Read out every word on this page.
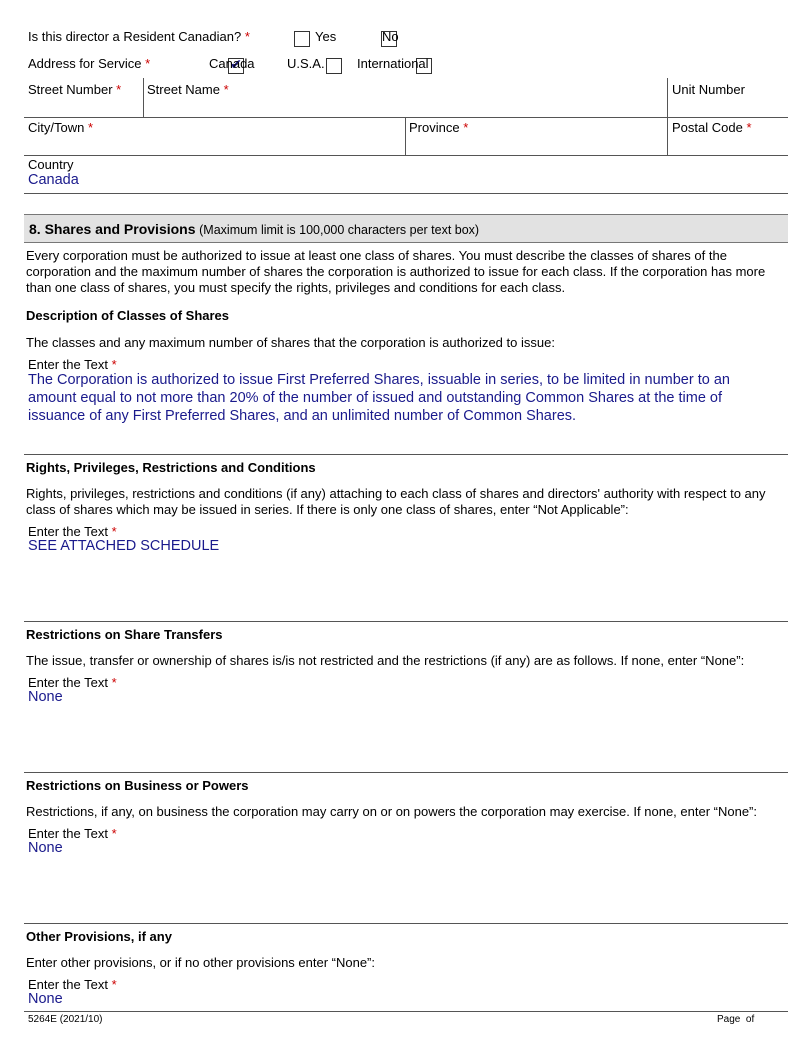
Is this director a Resident Canadian? *
	Yes
	No
Address for Service *
✔	Canada
U.S.A. International
Street Number * Street Name *	Unit Number
City/Town *	Province *	Postal Code *
Country
Canada
8. Shares and Provisions (Maximum limit is 100,000 characters per text box)
Every corporation must be authorized to issue at least one class of shares. You must describe the classes of shares of the corporation and the maximum number of shares the corporation is authorized to issue for each class. If the corporation has more than one class of shares, you must specify the rights, privileges and conditions for each class.
Description of Classes of Shares
The classes and any maximum number of shares that the corporation is authorized to issue:
Enter the Text *
The Corporation is authorized to issue First Preferred Shares, issuable in series, to be limited in number to an amount equal to not more than 20% of the number of issued and outstanding Common Shares at the time of issuance of any First Preferred Shares, and an unlimited number of Common Shares.
Rights, Privileges, Restrictions and Conditions
Rights, privileges, restrictions and conditions (if any) attaching to each class of shares and directors' authority with respect to any class of shares which may be issued in series. If there is only one class of shares, enter “Not Applicable”:
Enter the Text *
SEE ATTACHED SCHEDULE
Restrictions on Share Transfers
The issue, transfer or ownership of shares is/is not restricted and the restrictions (if any) are as follows. If none, enter “None”:
Enter the Text *
None
Restrictions on Business or Powers
Restrictions, if any, on business the corporation may carry on or on powers the corporation may exercise. If none, enter “None”:
Enter the Text *
None
Other Provisions, if any
Enter other provisions, or if no other provisions enter “None”:
Enter the Text *
None
5264E (2021/10)	Page  of
